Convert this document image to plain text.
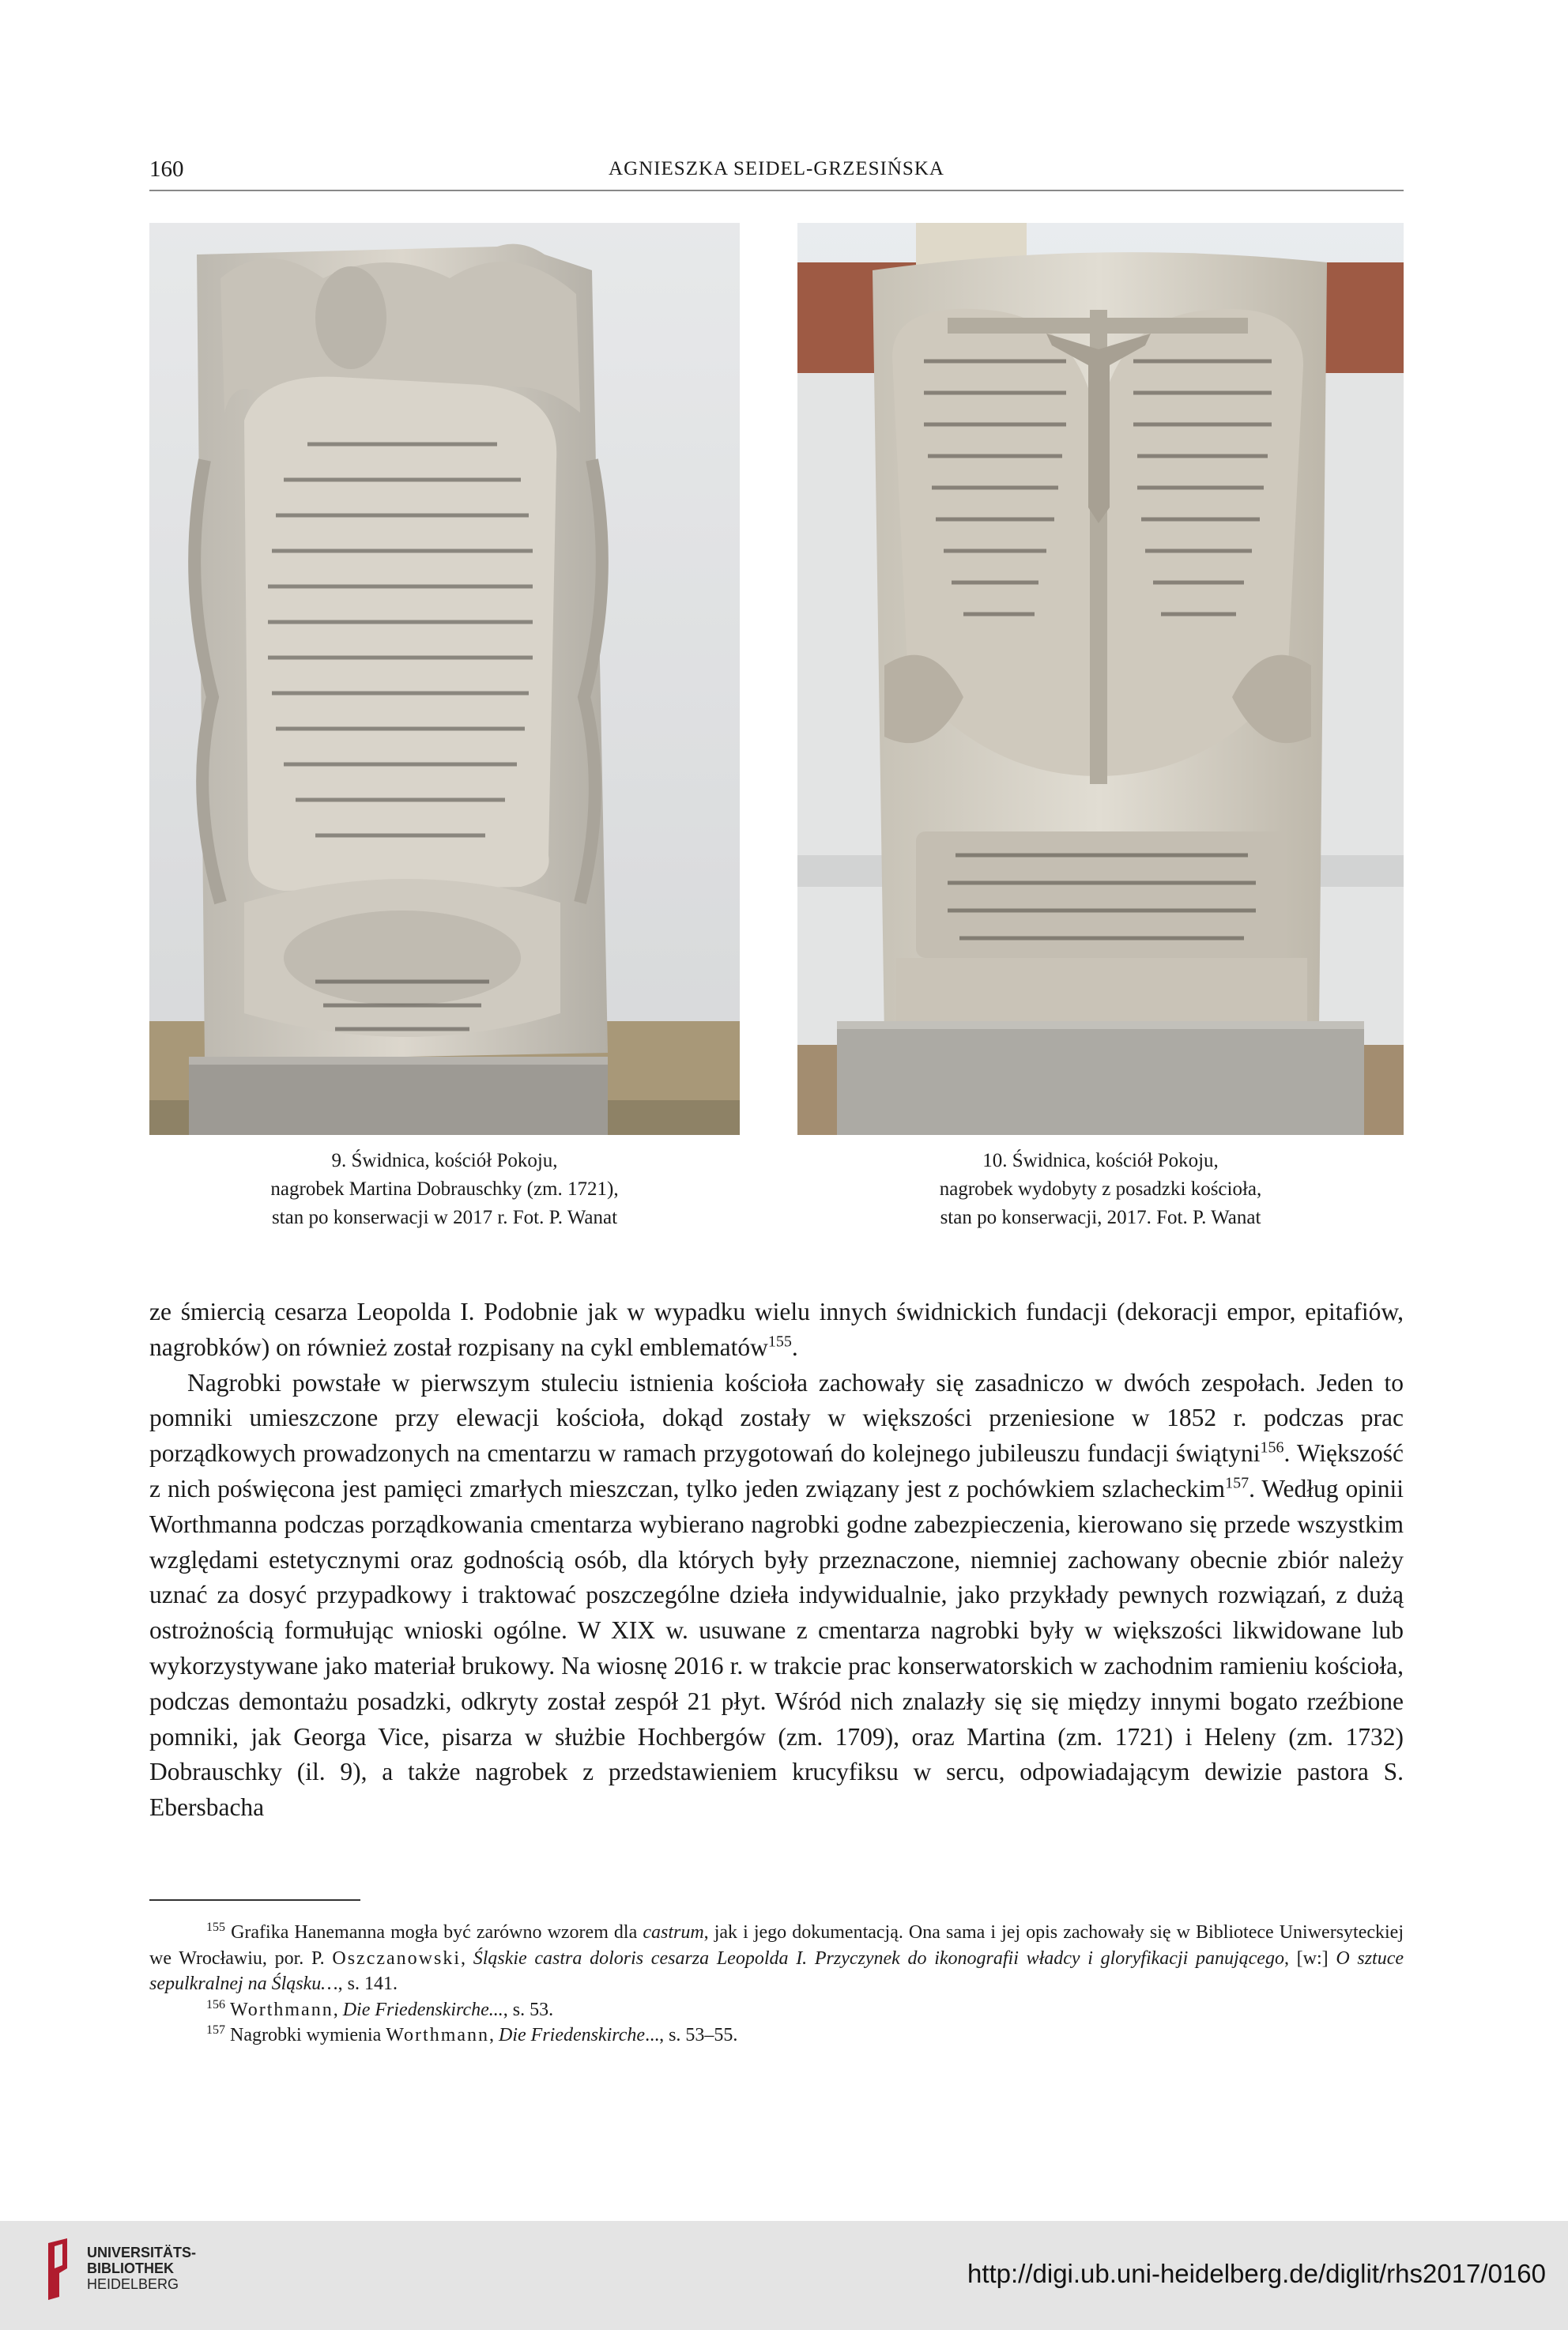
160	AGNIESZKA SEIDEL-GRZESIŃSKA
9. Świdnica, kościół Pokoju,
nagrobek Martina Dobrauschky (zm. 1721),
stan po konserwacji w 2017 r. Fot. P. Wanat
10. Świdnica, kościół Pokoju,
nagrobek wydobyty z posadzki kościoła,
stan po konserwacji, 2017. Fot. P. Wanat

ze śmiercią cesarza Leopolda I. Podobnie jak w wypadku wielu innych świdnickich fundacji (dekoracji empor, epitafiów, nagrobków) on również został rozpisany na cykl emblematów$^{155}$.

Nagrobki powstałe w pierwszym stuleciu istnienia kościoła zachowały się zasadniczo w dwóch zespołach. Jeden to pomniki umieszczone przy elewacji kościoła, dokąd zostały w większości przeniesione w 1852 r. podczas prac porządkowych prowadzonych na cmentarzu w ramach przygotowań do kolejnego jubileuszu fundacji świątyni$^{156}$. Większość z nich poświęcona jest pamięci zmarłych mieszczan, tylko jeden związany jest z pochówkiem szlacheckim$^{157}$. Według opinii Worthmanna podczas porządkowania cmentarza wybierano nagrobki godne zabezpieczenia, kierowano się przede wszystkim względami estetycznymi oraz godnością osób, dla których były przeznaczone, niemniej zachowany obecnie zbiór należy uznać za dosyć przypadkowy i traktować poszczególne dzieła indywidualnie, jako przykłady pewnych rozwiązań, z dużą ostrożnością formułując wnioski ogólne. W XIX w. usuwane z cmentarza nagrobki były w większości likwidowane lub wykorzystywane jako materiał brukowy. Na wiosnę 2016 r. w trakcie prac konserwatorskich w zachodnim ramieniu kościoła, podczas demontażu posadzki, odkryty został zespół 21 płyt. Wśród nich znalazły się się między innymi bogato rzeźbione pomniki, jak Georga Vice, pisarza w służbie Hochbergów (zm. 1709), oraz Martina (zm. 1721) i Heleny (zm. 1732) Dobrauschky (il. 9), a także nagrobek z przedstawieniem krucyfiksu w sercu, odpowiadającym dewizie pastora S. Ebersbacha

$^{155}$ Grafika Hanemanna mogła być zarówno wzorem dla castrum, jak i jego dokumentacją. Ona sama i jej opis zachowały się w Bibliotece Uniwersyteckiej we Wrocławiu, por. P. Oszczanowski, Śląskie castra doloris cesarza Leopolda I. Przyczynek do ikonografii władcy i gloryfikacji panującego, [w:] O sztuce sepulkralnej na Śląsku…, s. 141.

$^{156}$ Worthmann, Die Friedenskirche..., s. 53.

$^{157}$ Nagrobki wymienia Worthmann, Die Friedenskirche..., s. 53–55.

UNIVERSITÄTS-
BIBLIOTHEK
HEIDELBERG	http://digi.ub.uni-heidelberg.de/diglit/rhs2017/0160
